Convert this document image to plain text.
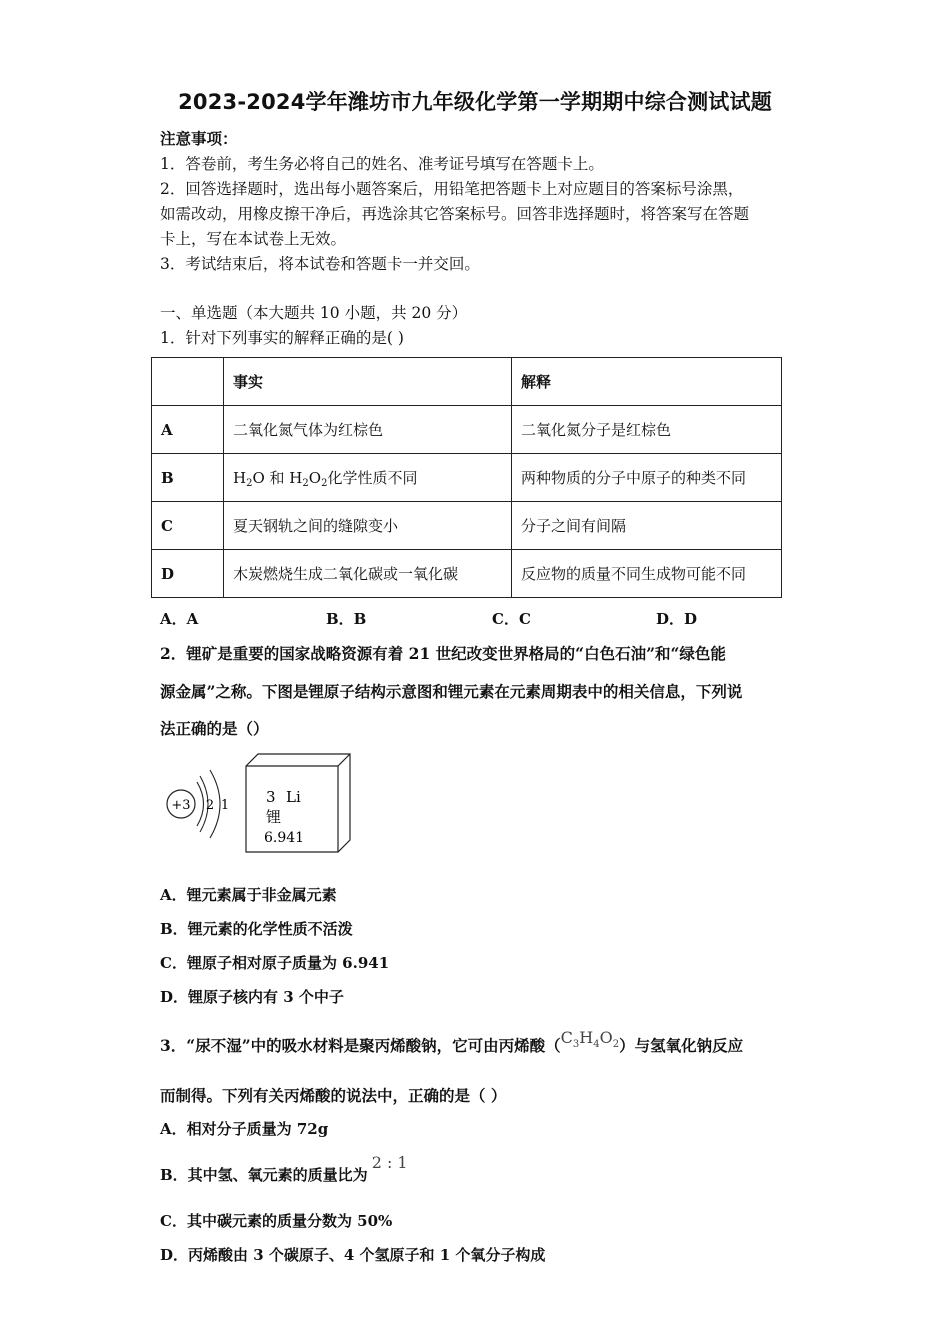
2023-2024学年潍坊市九年级化学第一学期期中综合测试试题
注意事项：
1．答卷前，考生务必将自己的姓名、准考证号填写在答题卡上。
2．回答选择题时，选出每小题答案后，用铅笔把答题卡上对应题目的答案标号涂黑，
如需改动，用橡皮擦干净后，再选涂其它答案标号。回答非选择题时，将答案写在答题
卡上，写在本试卷上无效。
3．考试结束后，将本试卷和答题卡一并交回。
一、单选题（本大题共 10 小题，共 20 分）
1．针对下列事实的解释正确的是( )
	事实	解释
A	二氧化氮气体为红棕色	二氧化氮分子是红棕色
B	$H_2O$ 和 $H_2O_2$化学性质不同	两种物质的分子中原子的种类不同
C	夏天钢轨之间的缝隙变小	分子之间有间隔
D	木炭燃烧生成二氧化碳或一氧化碳	反应物的质量不同生成物可能不同
A．A	B．B	C．C	D．D
2．锂矿是重要的国家战略资源有着 21 世纪改变世界格局的“白色石油”和“绿色能
源金属”之称。下图是锂原子结构示意图和锂元素在元素周期表中的相关信息，下列说
法正确的是（）
+3 2 1 3 Li
锂
6.941
A．锂元素属于非金属元素
B．锂元素的化学性质不活泼
C．锂原子相对原子质量为 6.941
D．锂原子核内有 3 个中子
3．“尿不湿”中的吸水材料是聚丙烯酸钠，它可由丙烯酸$(C_3H_4O_2)$与氢氧化钠反应
而制得。下列有关丙烯酸的说法中，正确的是（ ）
A．相对分子质量为 72g
B．其中氢、氧元素的质量比为2 : 1
C．其中碳元素的质量分数为 50%
D．丙烯酸由 3 个碳原子、4 个氢原子和 1 个氧分子构成
